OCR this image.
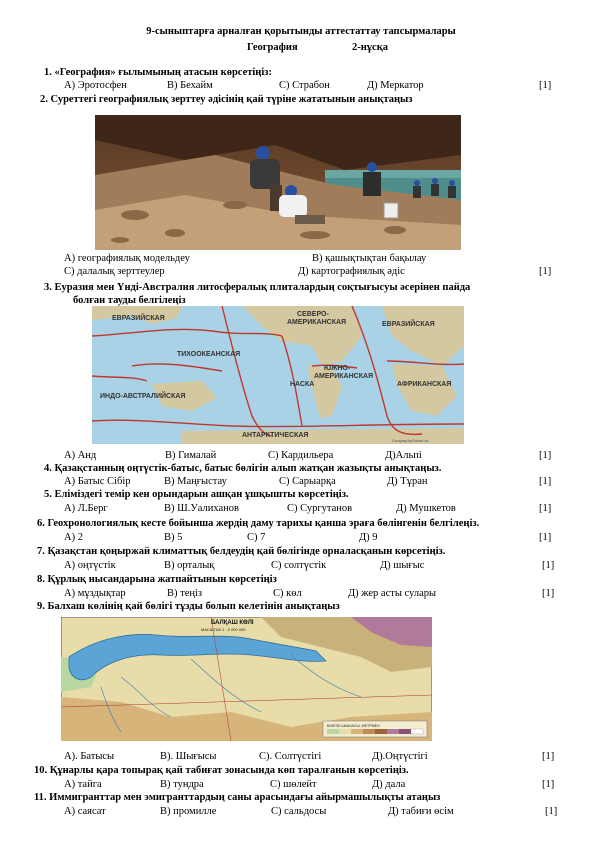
9-сыныптарға арналған қорытынды аттестаттау тапсырмалары
География	2-нұсқа
1. «География» ғылымының атасын көрсетіңіз:
А) Эротосфен	В) Бехайм	С) Страбон	Д) Меркатор	[1]
2. Суреттегі географиялық зерттеу әдісінің қай түріне жататынын анықтаңыз
А) географиялық модельдеу	В) қашықтықтан бақылау
С) далалық зерттеулер	Д) картографиялық әдіс	[1]
3. Еуразия мен Үнді-Австралия литосфералық плиталардың соқтығысуы әсерінен пайда
болған тауды белгілеңіз
ЕВРАЗИЙСКАЯ
СЕВЕРО-
АМЕРИКАНСКАЯ	ЕВРАЗИЙСКАЯ
ТИХООКЕАНСКАЯ
ИНДО-АВСТРАЛИЙСКАЯ
НАСКА
ЮЖНО-
АМЕРИКАНСКАЯ
АФРИКАНСКАЯ
АНТАРКТИЧЕСКАЯ
GeographyOnline-kz
А) Анд	В) Гималай	С) Кардильера	Д)Альпі	[1]
4. Қазақстанның оңтүстік-батыс, батыс бөлігін алып жатқан жазықты анықтаңыз.
А) Батыс Сібір	В) Маңғыстау	С) Сарыарқа	Д) Тұран	[1]
5. Еліміздегі темір кен орындарын ашқан ұшқышты көрсетіңіз.
А) Л.Берг	В) Ш.Уалиханов	С) Сургутанов	Д) Мушкетов	[1]
6. Геохронологиялық кесте бойынша жердің даму тарихы қанша эраға бөлінгенін белгілеңіз.
А) 2	В) 5	С) 7	Д) 9	[1]
7. Қазақстан қоңыржай климаттық белдеудің қай бөлігінде орналасқанын көрсетіңіз.
А) оңтүстік	В) орталық	С) солтүстік	Д) шығыс	[1]
8. Құрлық нысандарына жатпайтынын көрсетіңіз
А) мұздықтар	В) теңіз	С) көл	Д) жер асты сулары	[1]
9. Балхаш көлінің қай бөлігі тұзды болып келетінін анықтаңыз
БАЛҚАШ КӨЛІ
МАСШТАБ 1 : 2 000 000
БИІКТІК ШКАЛАСЫ, МЕТРМЕН
А). Батысы	В). Шығысы	С). Солтүстігі	Д).Оңтүстігі	[1]
10. Құнарлы қара топырақ қай табиғат зонасында көп таралғанын көрсетіңіз.
А) тайга	В) тундра	С) шөлейт	Д) дала	[1]
11. Иммигранттар мен эмигранттардың саны арасындағы айырмашылықты атаңыз
А) саясат	В) промилле	С) сальдосы	Д) табиғи өсім	[1]
